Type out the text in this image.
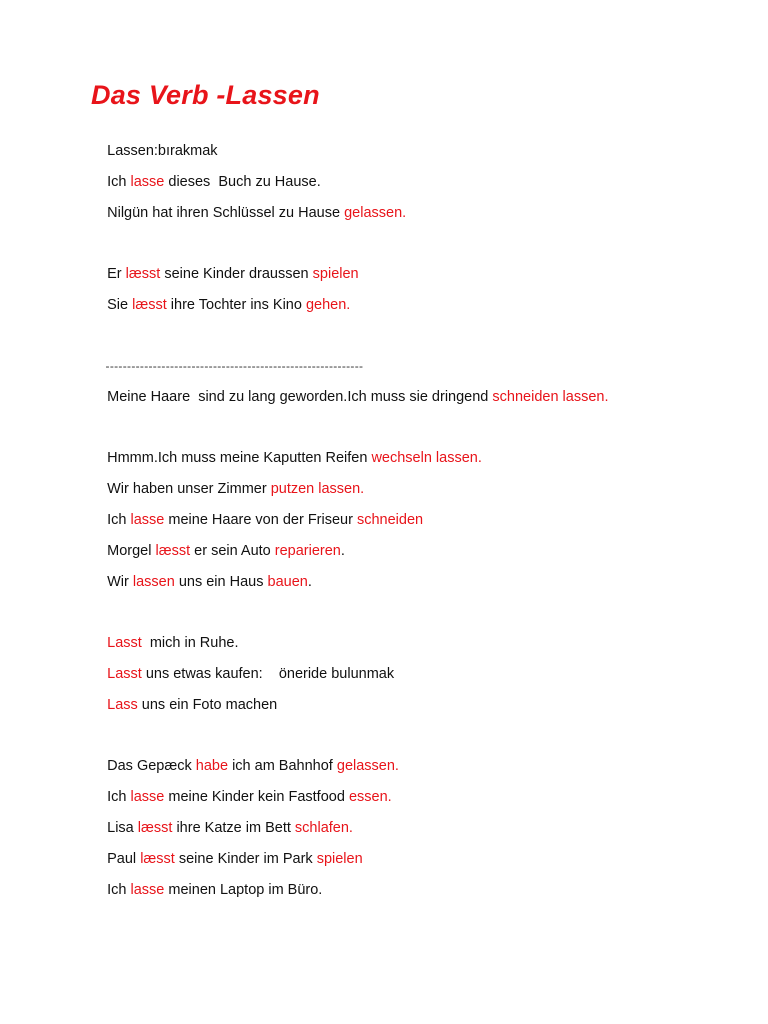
Das Verb -Lassen

Lassen:bırakmak

Ich lasse dieses  Buch zu Hause.

Nilgün hat ihren Schlüssel zu Hause gelassen.

Er læsst seine Kinder draussen spielen

Sie læsst ihre Tochter ins Kino gehen.

------------------------------------------------------------

Meine Haare  sind zu lang geworden.Ich muss sie dringend schneiden lassen.

Hmmm.Ich muss meine Kaputten Reifen wechseln lassen.

Wir haben unser Zimmer putzen lassen.

Ich lasse meine Haare von der Friseur schneiden

Morgel læsst er sein Auto reparieren.

Wir lassen uns ein Haus bauen.

Lasst  mich in Ruhe.

Lasst uns etwas kaufen:    öneride bulunmak

Lass uns ein Foto machen

Das Gepæck habe ich am Bahnhof gelassen.

Ich lasse meine Kinder kein Fastfood essen.

Lisa læsst ihre Katze im Bett schlafen.

Paul læsst seine Kinder im Park spielen

Ich lasse meinen Laptop im Büro.
